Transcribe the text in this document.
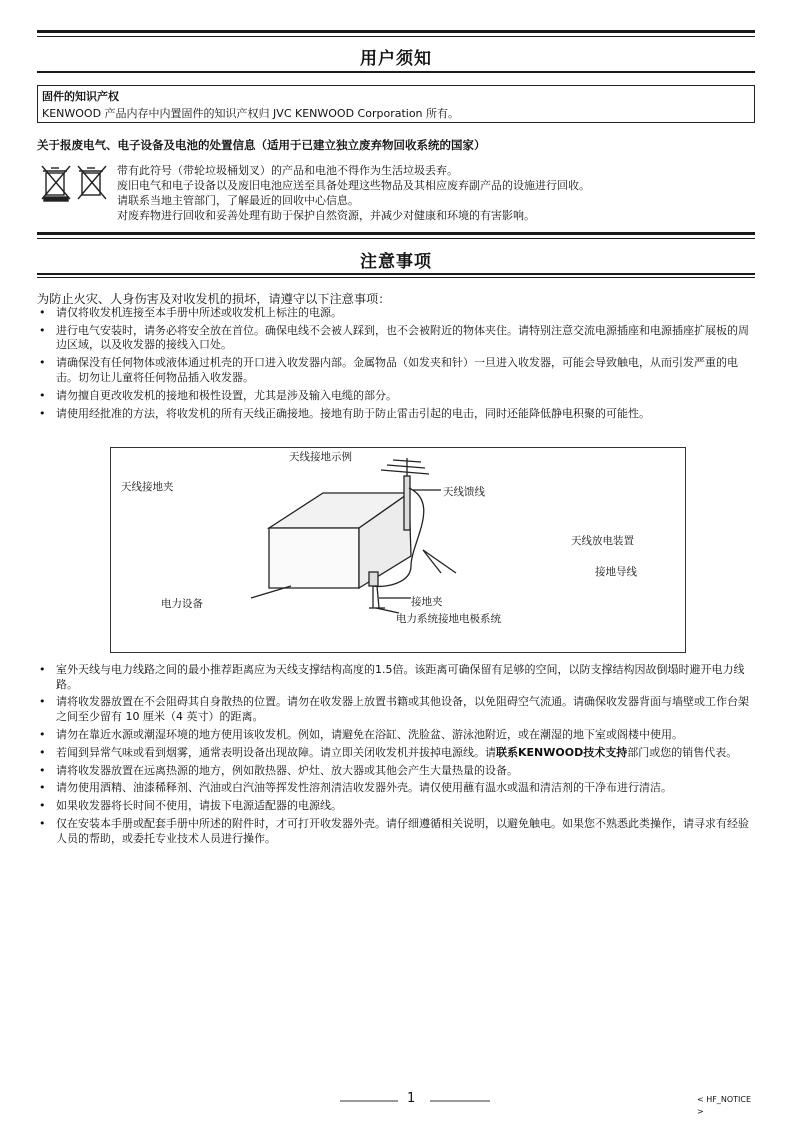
用户须知
固件的知识产权
KENWOOD 产品内存中内置固件的知识产权归 JVC KENWOOD Corporation 所有。
关于报废电气、电子设备及电池的处置信息（适用于已建立独立废弃物回收系统的国家）
带有此符号（带轮垃圾桶划叉）的产品和电池不得作为生活垃圾丢弃。
废旧电气和电子设备以及废旧电池应送至具备处理这些物品及其相应废弃副产品的设施进行回收。
请联系当地主管部门，了解最近的回收中心信息。
对废弃物进行回收和妥善处理有助于保护自然资源，并减少对健康和环境的有害影响。
注意事项
为防止火灾、人身伤害及对收发机的损坏，请遵守以下注意事项：
• 请仅将收发机连接至本手册中所述或收发机上标注的电源。
• 进行电气安装时，请务必将安全放在首位。确保电线不会被人踩到，也不会被附近的物体夹住。请特别注意交流电源插座和电源插座扩展板的周边区域，以及收发器的接线入口处。
• 请确保没有任何物体或液体通过机壳的开口进入收发器内部。金属物品（如发夹和针）一旦进入收发器，可能会导致触电，从而引发严重的电击。切勿让儿童将任何物品插入收发器。
• 请勿擅自更改收发机的接地和极性设置，尤其是涉及输入电缆的部分。
• 请使用经批准的方法，将收发机的所有天线正确接地。接地有助于防止雷击引起的电击，同时还能降低静电积聚的可能性。
天线接地示例
天线接地夹	天线馈线
天线放电装置
接地导线
电力设备	接地夹
电力系统接地电极系统
• 室外天线与电力线路之间的最小推荐距离应为天线支撑结构高度的1.5倍。该距离可确保留有足够的空间，以防支撑结构因故倒塌时避开电力线路。
• 请将收发器放置在不会阻碍其自身散热的位置。请勿在收发器上放置书籍或其他设备，以免阻碍空气流通。请确保收发器背面与墙壁或工作台架之间至少留有 10 厘米（4 英寸）的距离。
• 请勿在靠近水源或潮湿环境的地方使用该收发机。例如，请避免在浴缸、洗脸盆、游泳池附近，或在潮湿的地下室或阁楼中使用。
• 若闻到异常气味或看到烟雾，通常表明设备出现故障。请立即关闭收发机并拔掉电源线。请联系KENWOOD技术支持部门或您的销售代表。
• 请将收发器放置在远离热源的地方，例如散热器、炉灶、放大器或其他会产生大量热量的设备。
• 请勿使用酒精、油漆稀释剂、汽油或白汽油等挥发性溶剂清洁收发器外壳。请仅使用蘸有温水或温和清洁剂的干净布进行清洁。
• 如果收发器将长时间不使用，请拔下电源适配器的电源线。
• 仅在安装本手册或配套手册中所述的附件时，才可打开收发器外壳。请仔细遵循相关说明，以避免触电。如果您不熟悉此类操作，请寻求有经验人员的帮助，或委托专业技术人员进行操作。
1	< HF_NOTICE >
